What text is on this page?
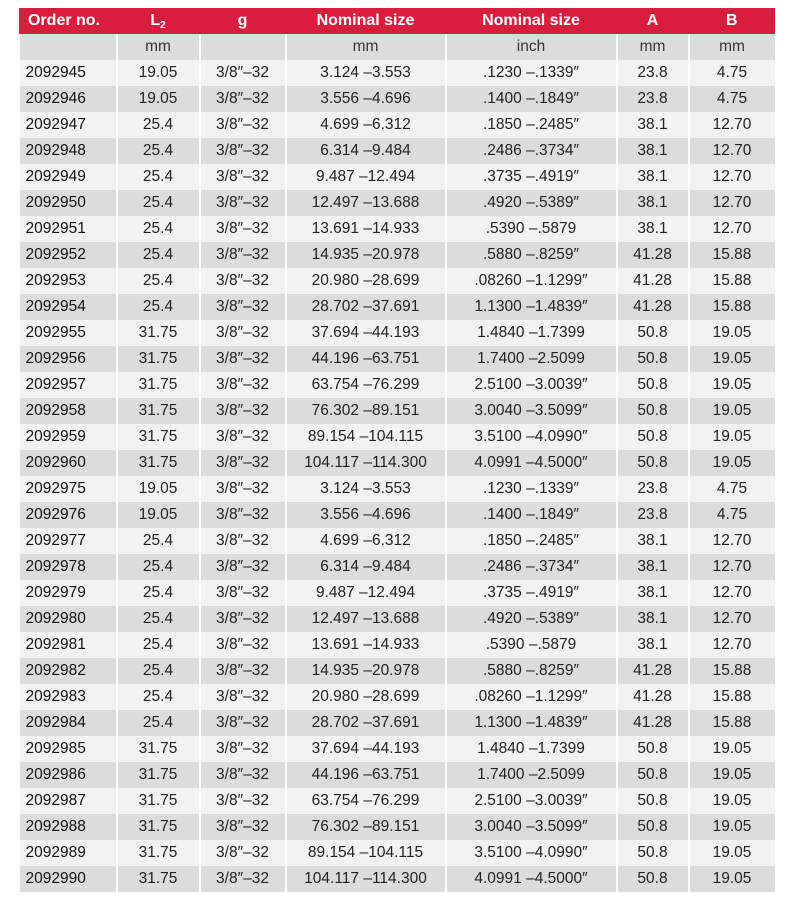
Order no.	$L_2$	g	Nominal size	Nominal size	A	B
	mm		mm	inch	mm	mm
2092945	19.05	3/8″–32	3.124 –3.553	.1230 –.1339″	23.8	4.75
2092946	19.05	3/8″–32	3.556 –4.696	.1400 –.1849″	23.8	4.75
2092947	25.4	3/8″–32	4.699 –6.312	.1850 –.2485″	38.1	12.70
2092948	25.4	3/8″–32	6.314 –9.484	.2486 –.3734″	38.1	12.70
2092949	25.4	3/8″–32	9.487 –12.494	.3735 –.4919″	38.1	12.70
2092950	25.4	3/8″–32	12.497 –13.688	.4920 –.5389″	38.1	12.70
2092951	25.4	3/8″–32	13.691 –14.933	.5390 –.5879	38.1	12.70
2092952	25.4	3/8″–32	14.935 –20.978	.5880 –.8259″	41.28	15.88
2092953	25.4	3/8″–32	20.980 –28.699	.08260 –1.1299″	41.28	15.88
2092954	25.4	3/8″–32	28.702 –37.691	1.1300 –1.4839″	41.28	15.88
2092955	31.75	3/8″–32	37.694 –44.193	1.4840 –1.7399	50.8	19.05
2092956	31.75	3/8″–32	44.196 –63.751	1.7400 –2.5099	50.8	19.05
2092957	31.75	3/8″–32	63.754 –76.299	2.5100 –3.0039″	50.8	19.05
2092958	31.75	3/8″–32	76.302 –89.151	3.0040 –3.5099″	50.8	19.05
2092959	31.75	3/8″–32	89.154 –104.115	3.5100 –4.0990″	50.8	19.05
2092960	31.75	3/8″–32	104.117 –114.300	4.0991 –4.5000″	50.8	19.05
2092975	19.05	3/8″–32	3.124 –3.553	.1230 –.1339″	23.8	4.75
2092976	19.05	3/8″–32	3.556 –4.696	.1400 –.1849″	23.8	4.75
2092977	25.4	3/8″–32	4.699 –6.312	.1850 –.2485″	38.1	12.70
2092978	25.4	3/8″–32	6.314 –9.484	.2486 –.3734″	38.1	12.70
2092979	25.4	3/8″–32	9.487 –12.494	.3735 –.4919″	38.1	12.70
2092980	25.4	3/8″–32	12.497 –13.688	.4920 –.5389″	38.1	12.70
2092981	25.4	3/8″–32	13.691 –14.933	.5390 –.5879	38.1	12.70
2092982	25.4	3/8″–32	14.935 –20.978	.5880 –.8259″	41.28	15.88
2092983	25.4	3/8″–32	20.980 –28.699	.08260 –1.1299″	41.28	15.88
2092984	25.4	3/8″–32	28.702 –37.691	1.1300 –1.4839″	41.28	15.88
2092985	31.75	3/8″–32	37.694 –44.193	1.4840 –1.7399	50.8	19.05
2092986	31.75	3/8″–32	44.196 –63.751	1.7400 –2.5099	50.8	19.05
2092987	31.75	3/8″–32	63.754 –76.299	2.5100 –3.0039″	50.8	19.05
2092988	31.75	3/8″–32	76.302 –89.151	3.0040 –3.5099″	50.8	19.05
2092989	31.75	3/8″–32	89.154 –104.115	3.5100 –4.0990″	50.8	19.05
2092990	31.75	3/8″–32	104.117 –114.300	4.0991 –4.5000″	50.8	19.05
